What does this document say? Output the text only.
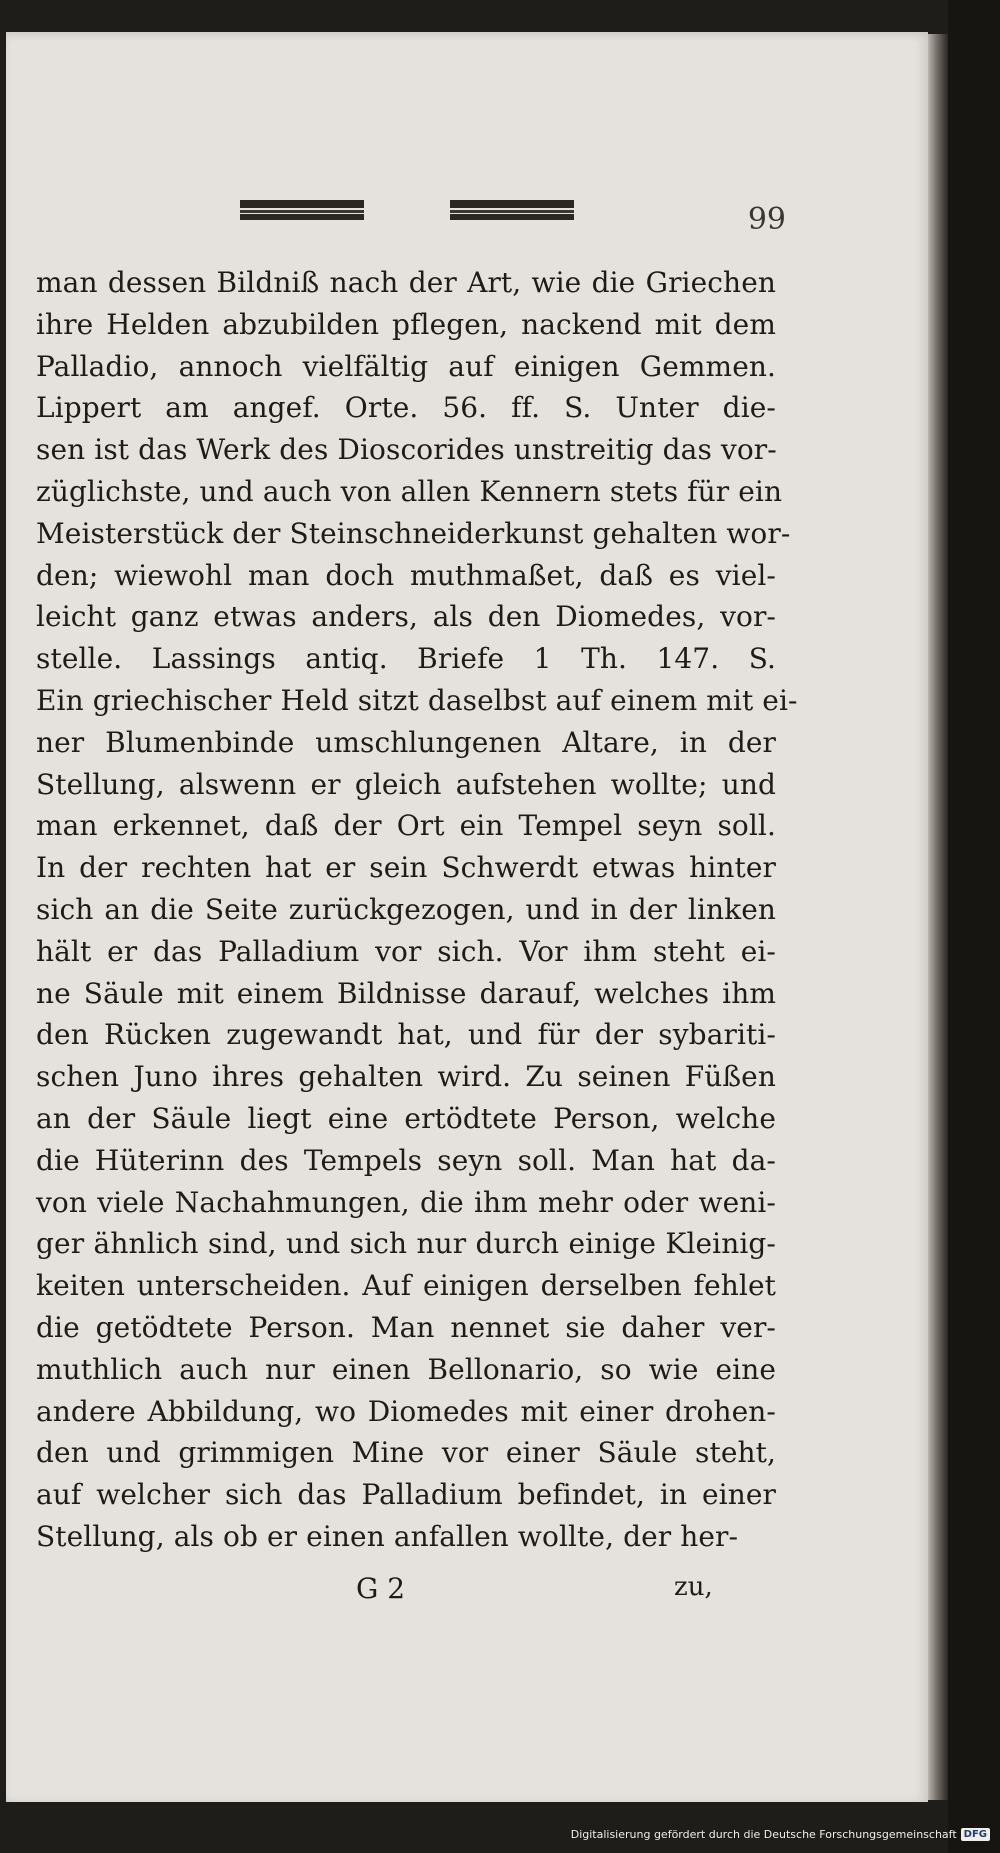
99
man dessen Bildniß nach der Art, wie die Griechen
ihre Helden abzubilden pflegen, nackend mit dem
Palladio, annoch vielfältig auf einigen Gemmen.
Lippert am angef. Orte. 56. ff. S. Unter die-
sen ist das Werk des Dioscorides unstreitig das vor-
züglichste, und auch von allen Kennern stets für ein
Meisterstück der Steinschneiderkunst gehalten wor-
den; wiewohl man doch muthmaßet, daß es viel-
leicht ganz etwas anders, als den Diomedes, vor-
stelle. Lassings antiq. Briefe 1 Th. 147. S.
Ein griechischer Held sitzt daselbst auf einem mit ei-
ner Blumenbinde umschlungenen Altare, in der
Stellung, alswenn er gleich aufstehen wollte; und
man erkennet, daß der Ort ein Tempel seyn soll.
In der rechten hat er sein Schwerdt etwas hinter
sich an die Seite zurückgezogen, und in der linken
hält er das Palladium vor sich. Vor ihm steht ei-
ne Säule mit einem Bildnisse darauf, welches ihm
den Rücken zugewandt hat, und für der sybariti-
schen Juno ihres gehalten wird. Zu seinen Füßen
an der Säule liegt eine ertödtete Person, welche
die Hüterinn des Tempels seyn soll. Man hat da-
von viele Nachahmungen, die ihm mehr oder weni-
ger ähnlich sind, und sich nur durch einige Kleinig-
keiten unterscheiden. Auf einigen derselben fehlet
die getödtete Person. Man nennet sie daher ver-
muthlich auch nur einen Bellonario, so wie eine
andere Abbildung, wo Diomedes mit einer drohen-
den und grimmigen Mine vor einer Säule steht,
auf welcher sich das Palladium befindet, in einer
Stellung, als ob er einen anfallen wollte, der her-
G 2	zu,
Digitalisierung gefördert durch die Deutsche Forschungsgemeinschaft DFG
